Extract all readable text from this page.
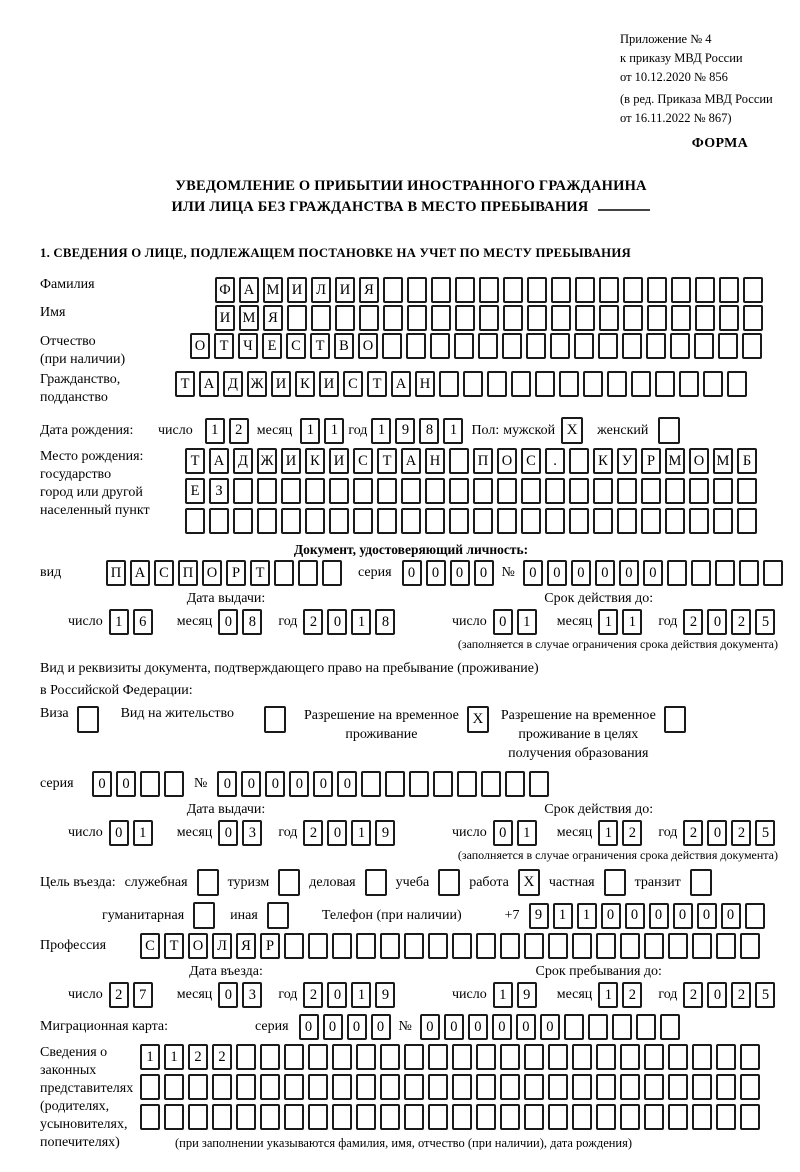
Приложение № 4
к приказу МВД России
от 10.12.2020 № 856
(в ред. Приказа МВД России
от 16.11.2022 № 867)
ФОРМА
УВЕДОМЛЕНИЕ О ПРИБЫТИИ ИНОСТРАННОГО ГРАЖДАНИНА
ИЛИ ЛИЦА БЕЗ ГРАЖДАНСТВА В МЕСТО ПРЕБЫВАНИЯ
1. СВЕДЕНИЯ О ЛИЦЕ, ПОДЛЕЖАЩЕМ ПОСТАНОВКЕ НА УЧЕТ ПО МЕСТУ ПРЕБЫВАНИЯ
Фамилия	Ф А М И Л И Я
Имя	И М Я
Отчество
(при наличии)
О Т	Ч	Е	С	Т	В О
Гражданство,
подданство
Т А Д Ж И К И С	Т А Н
Дата рождения:	число	1	2	месяц 1	1 год 1	9	8	1	Пол: мужской X	женский
Место рождения:
государство
город или другой
населенный пункт
Т А Д Ж И К И С	Т А Н	П О С	.	К У	Р М О М Б
Е	З
Документ, удостоверяющий личность:
вид	П А С П О	Р	Т	серия	0	0	0	0	№ 0	0	0	0	0	0
Дата выдачи:
число 1	6	месяц 0	8	год 2	0	1	8
Срок действия до:
число 0	1	месяц 1	1	год 2	0	2	5
(заполняется в случае ограничения срока действия документа)
Вид и реквизиты документа, подтверждающего право на пребывание (проживание)
в Российской Федерации:
Виза	Вид на жительство	Разрешение на временное
проживание
X	Разрешение на временное
проживание в целях
получения образования
серия	0	0	№	0	0	0	0	0	0
Дата выдачи:
число 0	1	месяц 0	3	год 2	0	1	9
Срок действия до:
число 0	1	месяц 1	2	год 2	0	2	5
(заполняется в случае ограничения срока действия документа)
Цель въезда: служебная	туризм	деловая	учеба	работа X	частная	транзит
гуманитарная	иная	Телефон (при наличии)	+7	9	1	1	0	0	0	0	0	0
Профессия	С	Т О Л Я	Р
Дата въезда:
число 2	7	месяц 0	3	год 2	0	1	9
Срок пребывания до:
число 1	9	месяц 1	2	год 2	0	2	5
Миграционная карта:	серия	0	0	0	0	№ 0	0	0	0	0	0
Сведения о
законных
представителях
(родителях,
усыновителях,
попечителях)
1	1	2	2
(при заполнении указываются фамилия, имя, отчество (при наличии), дата рождения)
